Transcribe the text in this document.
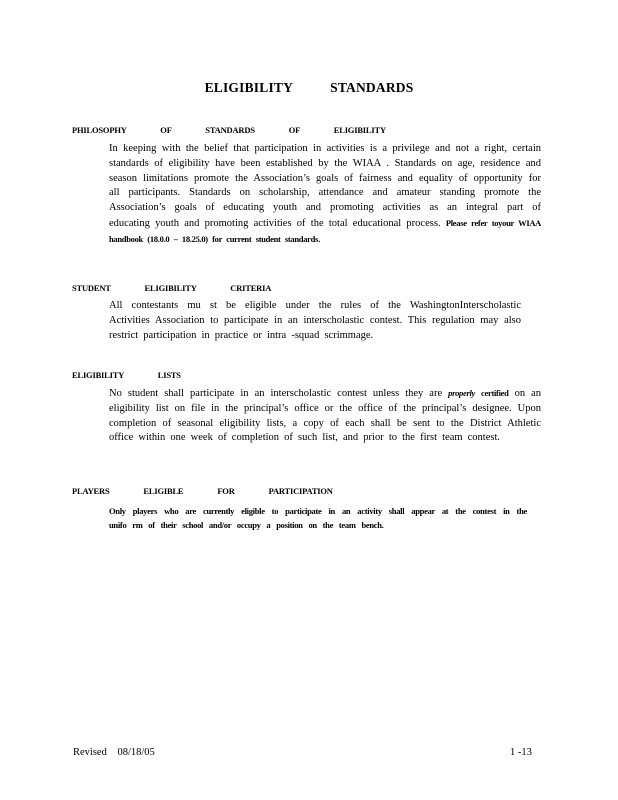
ELIGIBILITY STANDARDS
PHILOSOPHY OF STANDARDS OF ELIGIBILITY
In keeping with the belief that participation in activities is a privilege and not a right, certain standards of eligibility have been established by the WIAA . Standards on age, residence and season limitations promote the Association’s goals of fairness and equality of opportunity for all participants. Standards on scholarship, attendance and amateur standing promote the Association’s goals of educating youth and promoting activities as an integral part of educating youth and promoting activities of the total educational process. Please refer toyour WIAA handbook (18.0.0 – 18.25.0) for current student standards.
STUDENT ELIGIBILITY CRITERIA
All contestants mu st be eligible under the rules of the WashingtonInterscholastic Activities Association to participate in an interscholastic contest. This regulation may also restrict participation in practice or intra -squad scrimmage.
ELIGIBILITY LISTS
No student shall participate in an interscholastic contest unless they are properly certified on an eligibility list on file in the principal’s office or the office of the principal’s designee. Upon completion of seasonal eligibility lists, a copy of each shall be sent to the District Athletic office within one week of completion of such list, and prior to the first team contest.
PLAYERS ELIGIBLE FOR PARTICIPATION
Only players who are currently eligible to participate in an activity shall appear at the contest in the unifo rm of their school and/or occupy a position on the team bench.
Revised 08/18/05	1 -13
